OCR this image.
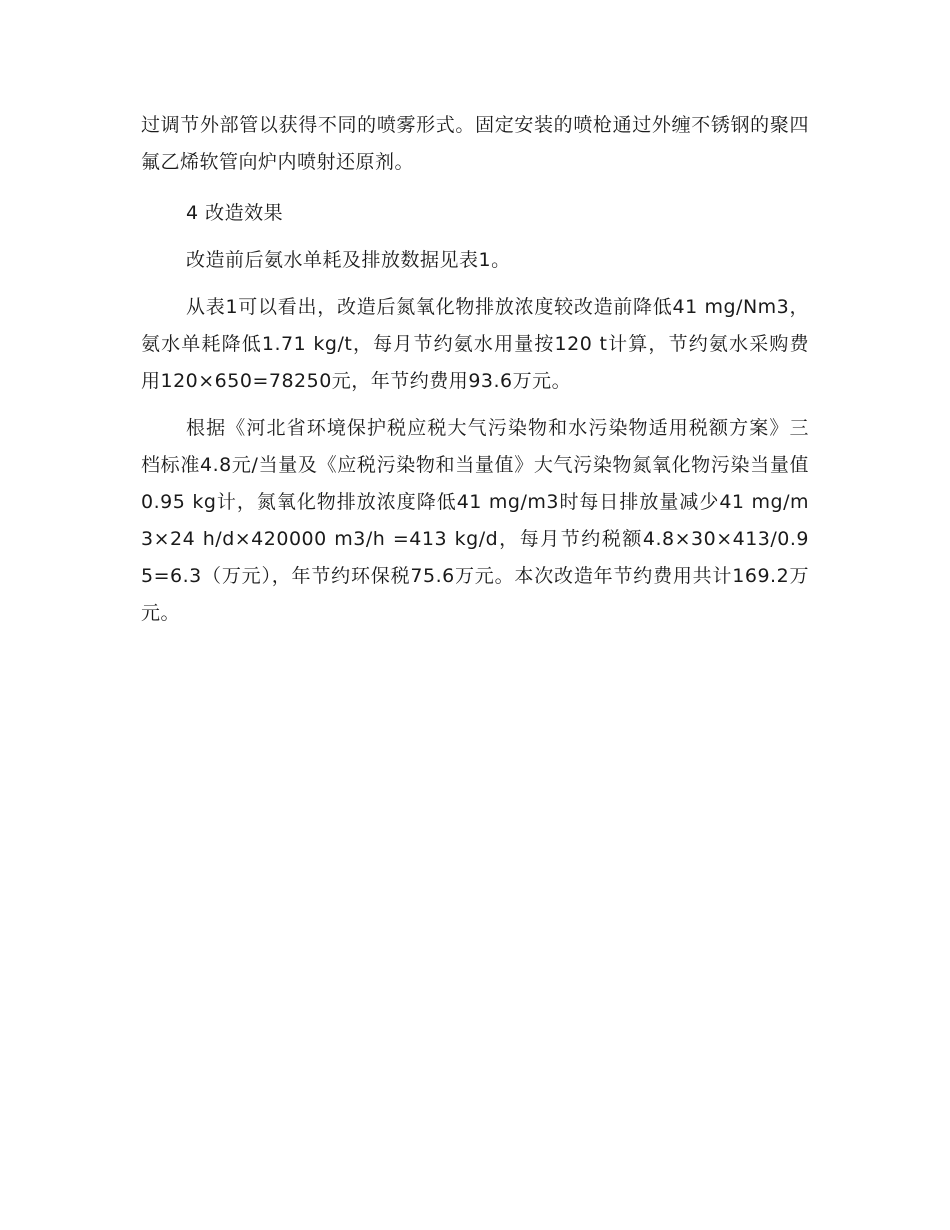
过调节外部管以获得不同的喷雾形式。固定安装的喷枪通过外缠不锈钢的聚四氟乙烯软管向炉内喷射还原剂。

4 改造效果

改造前后氨水单耗及排放数据见表1。

从表1可以看出，改造后氮氧化物排放浓度较改造前降低41 mg/Nm3，氨水单耗降低1.71 kg/t，每月节约氨水用量按120 t计算，节约氨水采购费用120×650=78250元，年节约费用93.6万元。

根据《河北省环境保护税应税大气污染物和水污染物适用税额方案》三档标准4.8元/当量及《应税污染物和当量值》大气污染物氮氧化物污染当量值0.95 kg计，氮氧化物排放浓度降低41 mg/m3时每日排放量减少41 mg/m3×24 h/d×420000 m3/h =413 kg/d，每月节约税额4.8×30×413/0.95=6.3（万元），年节约环保税75.6万元。本次改造年节约费用共计169.2万元。
